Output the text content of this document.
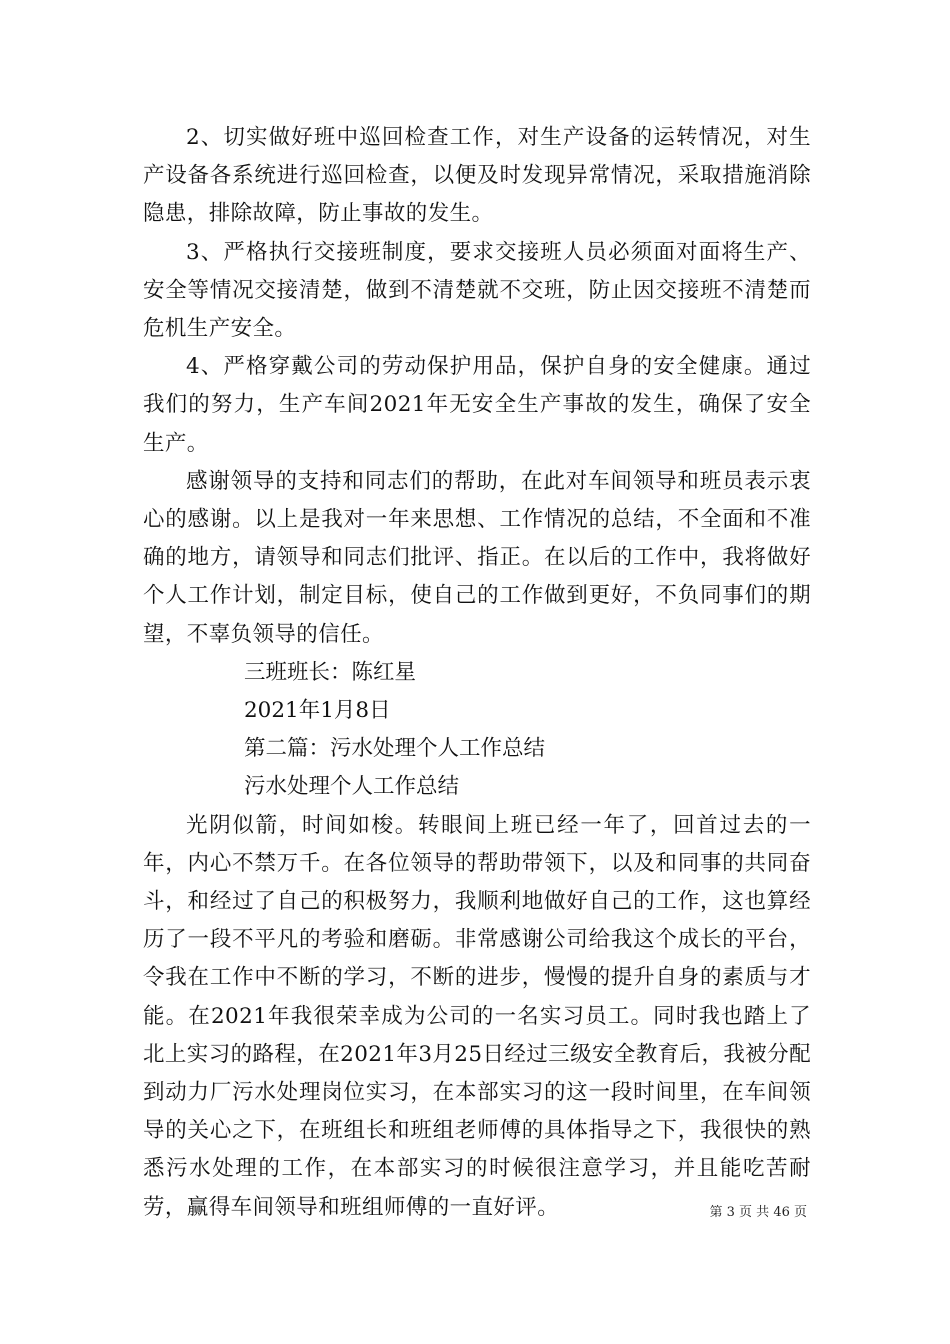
2、切实做好班中巡回检查工作，对生产设备的运转情况，对生产设备各系统进行巡回检查，以便及时发现异常情况，采取措施消除隐患，排除故障，防止事故的发生。

3、严格执行交接班制度，要求交接班人员必须面对面将生产、安全等情况交接清楚，做到不清楚就不交班，防止因交接班不清楚而危机生产安全。

4、严格穿戴公司的劳动保护用品，保护自身的安全健康。通过我们的努力，生产车间2021年无安全生产事故的发生，确保了安全生产。

感谢领导的支持和同志们的帮助，在此对车间领导和班员表示衷心的感谢。以上是我对一年来思想、工作情况的总结，不全面和不准确的地方，请领导和同志们批评、指正。在以后的工作中，我将做好个人工作计划，制定目标，使自己的工作做到更好，不负同事们的期望，不辜负领导的信任。

三班班长：陈红星

2021年1月8日

第二篇：污水处理个人工作总结

污水处理个人工作总结

光阴似箭，时间如梭。转眼间上班已经一年了，回首过去的一年，内心不禁万千。在各位领导的帮助带领下，以及和同事的共同奋斗，和经过了自己的积极努力，我顺利地做好自己的工作，这也算经历了一段不平凡的考验和磨砺。非常感谢公司给我这个成长的平台，令我在工作中不断的学习，不断的进步，慢慢的提升自身的素质与才能。在2021年我很荣幸成为公司的一名实习员工。同时我也踏上了北上实习的路程，在2021年3月25日经过三级安全教育后，我被分配到动力厂污水处理岗位实习，在本部实习的这一段时间里，在车间领导的关心之下，在班组长和班组老师傅的具体指导之下，我很快的熟悉污水处理的工作，在本部实习的时候很注意学习，并且能吃苦耐劳，赢得车间领导和班组师傅的一直好评。	第 3 页 共 46 页
